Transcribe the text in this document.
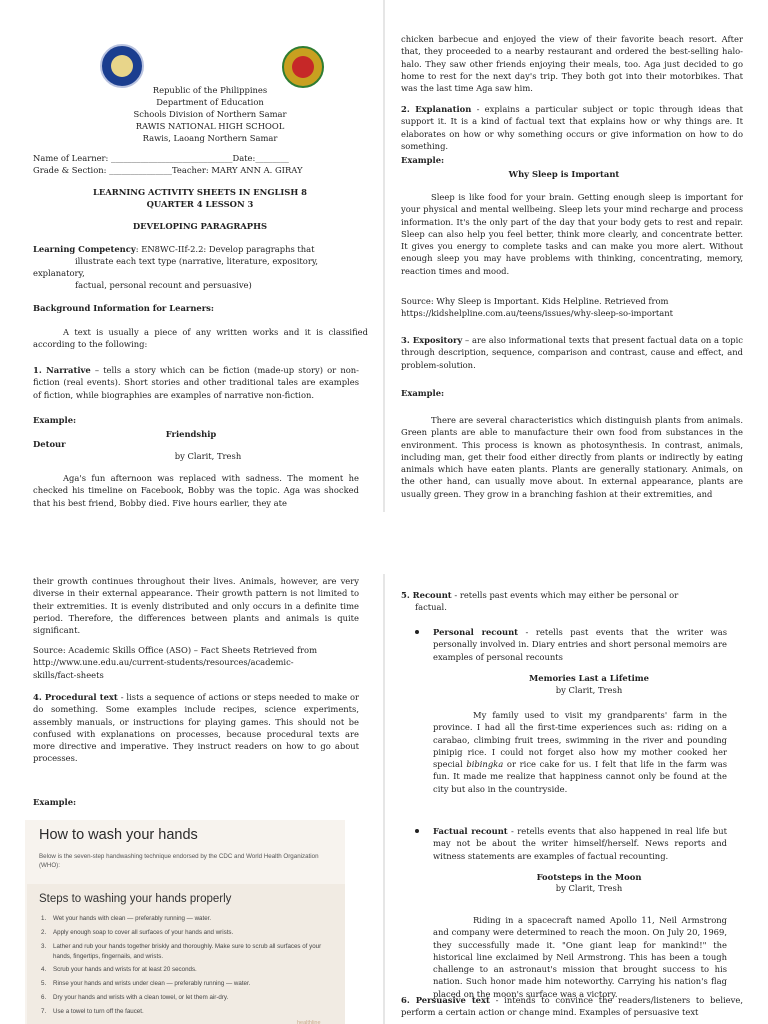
Republic of the Philippines

Department of Education

Schools Division of Northern Samar

RAWIS NATIONAL HIGH SCHOOL

Rawis, Laoang Northern Samar

Name of Learner: _____________________________Date:________

Grade & Section: _______________Teacher: MARY ANN A. GIRAY

LEARNING ACTIVITY SHEETS IN ENGLISH 8

QUARTER 4 LESSON 3

DEVELOPING PARAGRAPHS

Learning Competency: EN8WC-IIf-2.2: Develop paragraphs that

illustrate each text type (narrative, literature, expository,

explanatory,

factual, personal recount and persuasive)

Background Information for Learners:

A text is usually a piece of any written works and it is classified according to the following:

1. Narrative – tells a story which can be fiction (made-up story) or non-fiction (real events). Short stories and other traditional tales are examples of fiction, while biographies are examples of narrative non-fiction.

Example:

Friendship

Detour

by Clarit, Tresh

Aga's fun afternoon was replaced with sadness. The moment he checked his timeline on Facebook, Bobby was the topic. Aga was shocked that his best friend, Bobby died. Five hours earlier, they ate

chicken barbecue and enjoyed the view of their favorite beach resort. After that, they proceeded to a nearby restaurant and ordered the best-selling halo-halo. They saw other friends enjoying their meals, too. Aga just decided to go home to rest for the next day's trip. They both got into their motorbikes. That was the last time Aga saw him.

2. Explanation - explains a particular subject or topic through ideas that support it. It is a kind of factual text that explains how or why things are. It elaborates on how or why something occurs or give information on how to do something.

Example:

Why Sleep is Important

Sleep is like food for your brain. Getting enough sleep is important for your physical and mental wellbeing. Sleep lets your mind recharge and process information. It's the only part of the day that your body gets to rest and repair. Sleep can also help you feel better, think more clearly, and concentrate better. It gives you energy to complete tasks and can make you more alert. Without enough sleep you may have problems with thinking, concentrating, memory, reaction times and mood.

Source: Why Sleep is Important. Kids Helpline. Retrieved from

https://kidshelpline.com.au/teens/issues/why-sleep-so-important

3. Expository – are also informational texts that present factual data on a topic through description, sequence, comparison and contrast, cause and effect, and problem-solution.

Example:

There are several characteristics which distinguish plants from animals. Green plants are able to manufacture their own food from substances in the environment. This process is known as photosynthesis. In contrast, animals, including man, get their food either directly from plants or indirectly by eating animals which have eaten plants. Plants are generally stationary. Animals, on the other hand, can usually move about. In external appearance, plants are usually green. They grow in a branching fashion at their extremities, and

their growth continues throughout their lives. Animals, however, are very diverse in their external appearance. Their growth pattern is not limited to their extremities. It is evenly distributed and only occurs in a definite time period. Therefore, the differences between plants and animals is quite significant.

Source: Academic Skills Office (ASO) – Fact Sheets Retrieved from http://www.une.edu.au/current-students/resources/academic-skills/fact-sheets

4. Procedural text - lists a sequence of actions or steps needed to make or do something. Some examples include recipes, science experiments, assembly manuals, or instructions for playing games. This should not be confused with explanations on processes, because procedural texts are more directive and imperative. They instruct readers on how to go about processes.

Example:

How to wash your hands

Below is the seven-step handwashing technique endorsed by the CDC and World Health Organization (WHO):

Steps to washing your hands properly

1. Wet your hands with clean — preferably running — water.
2. Apply enough soap to cover all surfaces of your hands and wrists.
3. Lather and rub your hands together briskly and thoroughly. Make sure to scrub all surfaces of your hands, fingertips, fingernails, and wrists.
4. Scrub your hands and wrists for at least 20 seconds.
5. Rinse your hands and wrists under clean — preferably running — water.
6. Dry your hands and wrists with a clean towel, or let them air-dry.
7. Use a towel to turn off the faucet.

healthline

5. Recount - retells past events which may either be personal or

factual.

Personal recount - retells past events that the writer was personally involved in. Diary entries and short personal memoirs are examples of personal recounts

Memories Last a Lifetime

by Clarit, Tresh

My family used to visit my grandparents' farm in the province. I had all the first-time experiences such as: riding on a carabao, climbing fruit trees, swimming in the river and pounding pinipig rice. I could not forget also how my mother cooked her special bibingka or rice cake for us. I felt that life in the farm was fun. It made me realize that happiness cannot only be found at the city but also in the countryside.

Factual recount - retells events that also happened in real life but may not be about the writer himself/herself. News reports and witness statements are examples of factual recounting.

Footsteps in the Moon

by Clarit, Tresh

Riding in a spacecraft named Apollo 11, Neil Armstrong and company were determined to reach the moon. On July 20, 1969, they successfully made it. "One giant leap for mankind!" the historical line exclaimed by Neil Armstrong. This has been a tough challenge to an astronaut's mission that brought success to his nation. Such honor made him noteworthy. Carrying his nation's flag placed on the moon's surface was a victory.

6. Persuasive text - intends to convince the readers/listeners to believe, perform a certain action or change mind. Examples of persuasive text
